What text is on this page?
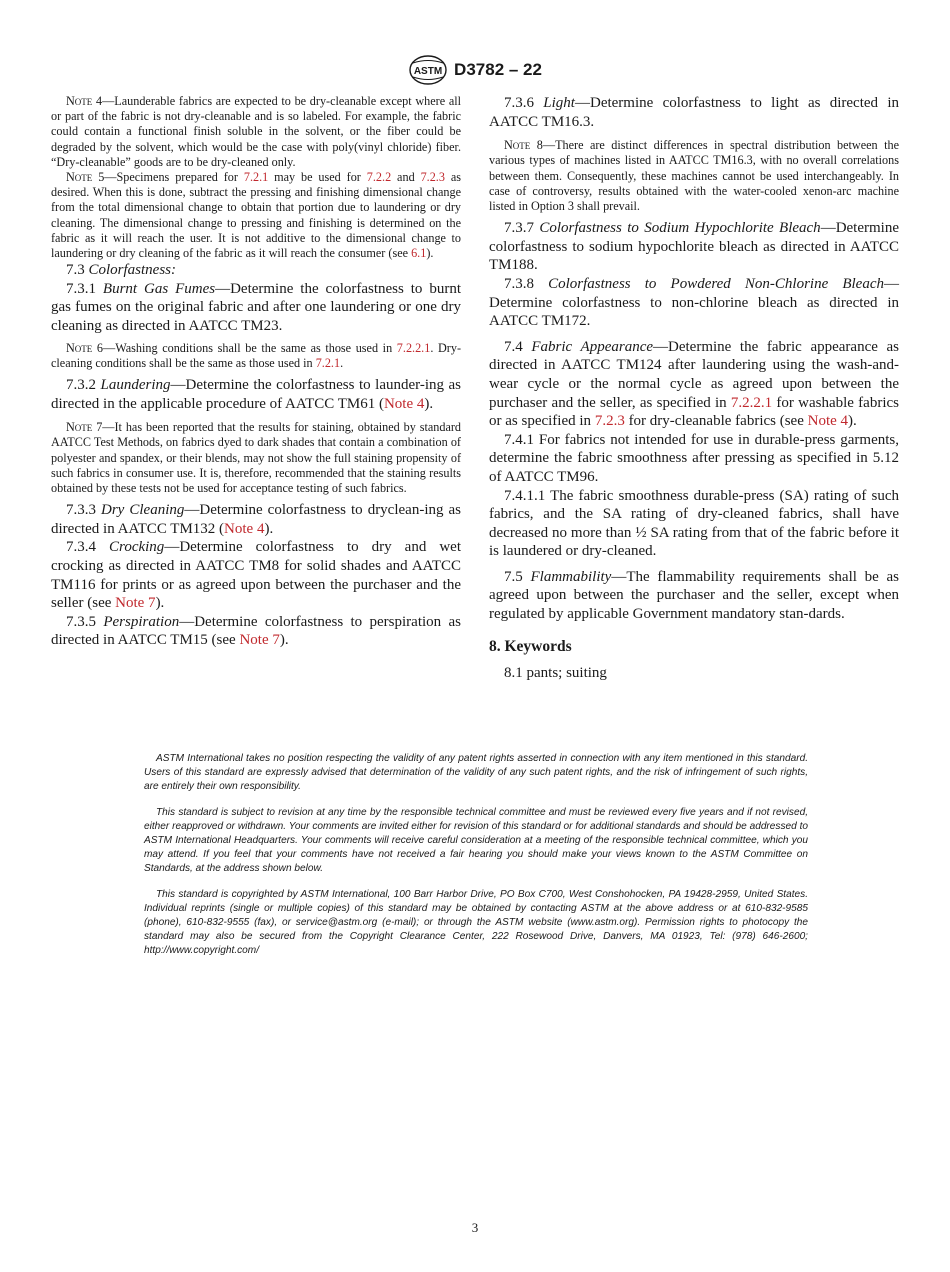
ASTM D3782 – 22

Note 4—Launderable fabrics are expected to be dry-cleanable except where all or part of the fabric is not dry-cleanable and is so labeled. For example, the fabric could contain a functional finish soluble in the solvent, or the fiber could be degraded by the solvent, which would be the case with poly(vinyl chloride) fiber. “Dry-cleanable” goods are to be dry-cleaned only.

Note 5—Specimens prepared for 7.2.1 may be used for 7.2.2 and 7.2.3 as desired. When this is done, subtract the pressing and finishing dimensional change from the total dimensional change to obtain that portion due to laundering or dry cleaning. The dimensional change to pressing and finishing is determined on the fabric as it will reach the user. It is not additive to the dimensional change to laundering or dry cleaning of the fabric as it will reach the consumer (see 6.1).

7.3 Colorfastness:

7.3.1 Burnt Gas Fumes—Determine the colorfastness to burnt gas fumes on the original fabric and after one laundering or one dry cleaning as directed in AATCC TM23.

Note 6—Washing conditions shall be the same as those used in 7.2.2.1. Dry-cleaning conditions shall be the same as those used in 7.2.1.

7.3.2 Laundering—Determine the colorfastness to launder-ing as directed in the applicable procedure of AATCC TM61 (Note 4).

Note 7—It has been reported that the results for staining, obtained by standard AATCC Test Methods, on fabrics dyed to dark shades that contain a combination of polyester and spandex, or their blends, may not show the full staining propensity of such fabrics in consumer use. It is, therefore, recommended that the staining results obtained by these tests not be used for acceptance testing of such fabrics.

7.3.3 Dry Cleaning—Determine colorfastness to dryclean-ing as directed in AATCC TM132 (Note 4).

7.3.4 Crocking—Determine colorfastness to dry and wet crocking as directed in AATCC TM8 for solid shades and AATCC TM116 for prints or as agreed upon between the purchaser and the seller (see Note 7).

7.3.5 Perspiration—Determine colorfastness to perspiration as directed in AATCC TM15 (see Note 7).

7.3.6 Light—Determine colorfastness to light as directed in AATCC TM16.3.

Note 8—There are distinct differences in spectral distribution between the various types of machines listed in AATCC TM16.3, with no overall correlations between them. Consequently, these machines cannot be used interchangeably. In case of controversy, results obtained with the water-cooled xenon-arc machine listed in Option 3 shall prevail.

7.3.7 Colorfastness to Sodium Hypochlorite Bleach—Determine colorfastness to sodium hypochlorite bleach as directed in AATCC TM188.

7.3.8 Colorfastness to Powdered Non-Chlorine Bleach—Determine colorfastness to non-chlorine bleach as directed in AATCC TM172.

7.4 Fabric Appearance—Determine the fabric appearance as directed in AATCC TM124 after laundering using the wash-and-wear cycle or the normal cycle as agreed upon between the purchaser and the seller, as specified in 7.2.2.1 for washable fabrics or as specified in 7.2.3 for dry-cleanable fabrics (see Note 4).

7.4.1 For fabrics not intended for use in durable-press garments, determine the fabric smoothness after pressing as specified in 5.12 of AATCC TM96.

7.4.1.1 The fabric smoothness durable-press (SA) rating of such fabrics, and the SA rating of dry-cleaned fabrics, shall have decreased no more than ½ SA rating from that of the fabric before it is laundered or dry-cleaned.

7.5 Flammability—The flammability requirements shall be as agreed upon between the purchaser and the seller, except when regulated by applicable Government mandatory stan-dards.

8. Keywords

8.1 pants; suiting

ASTM International takes no position respecting the validity of any patent rights asserted in connection with any item mentioned in this standard. Users of this standard are expressly advised that determination of the validity of any such patent rights, and the risk of infringement of such rights, are entirely their own responsibility.

This standard is subject to revision at any time by the responsible technical committee and must be reviewed every five years and if not revised, either reapproved or withdrawn. Your comments are invited either for revision of this standard or for additional standards and should be addressed to ASTM International Headquarters. Your comments will receive careful consideration at a meeting of the responsible technical committee, which you may attend. If you feel that your comments have not received a fair hearing you should make your views known to the ASTM Committee on Standards, at the address shown below.

This standard is copyrighted by ASTM International, 100 Barr Harbor Drive, PO Box C700, West Conshohocken, PA 19428-2959, United States. Individual reprints (single or multiple copies) of this standard may be obtained by contacting ASTM at the above address or at 610-832-9585 (phone), 610-832-9555 (fax), or service@astm.org (e-mail); or through the ASTM website (www.astm.org). Permission rights to photocopy the standard may also be secured from the Copyright Clearance Center, 222 Rosewood Drive, Danvers, MA 01923, Tel: (978) 646-2600; http://www.copyright.com/

3
